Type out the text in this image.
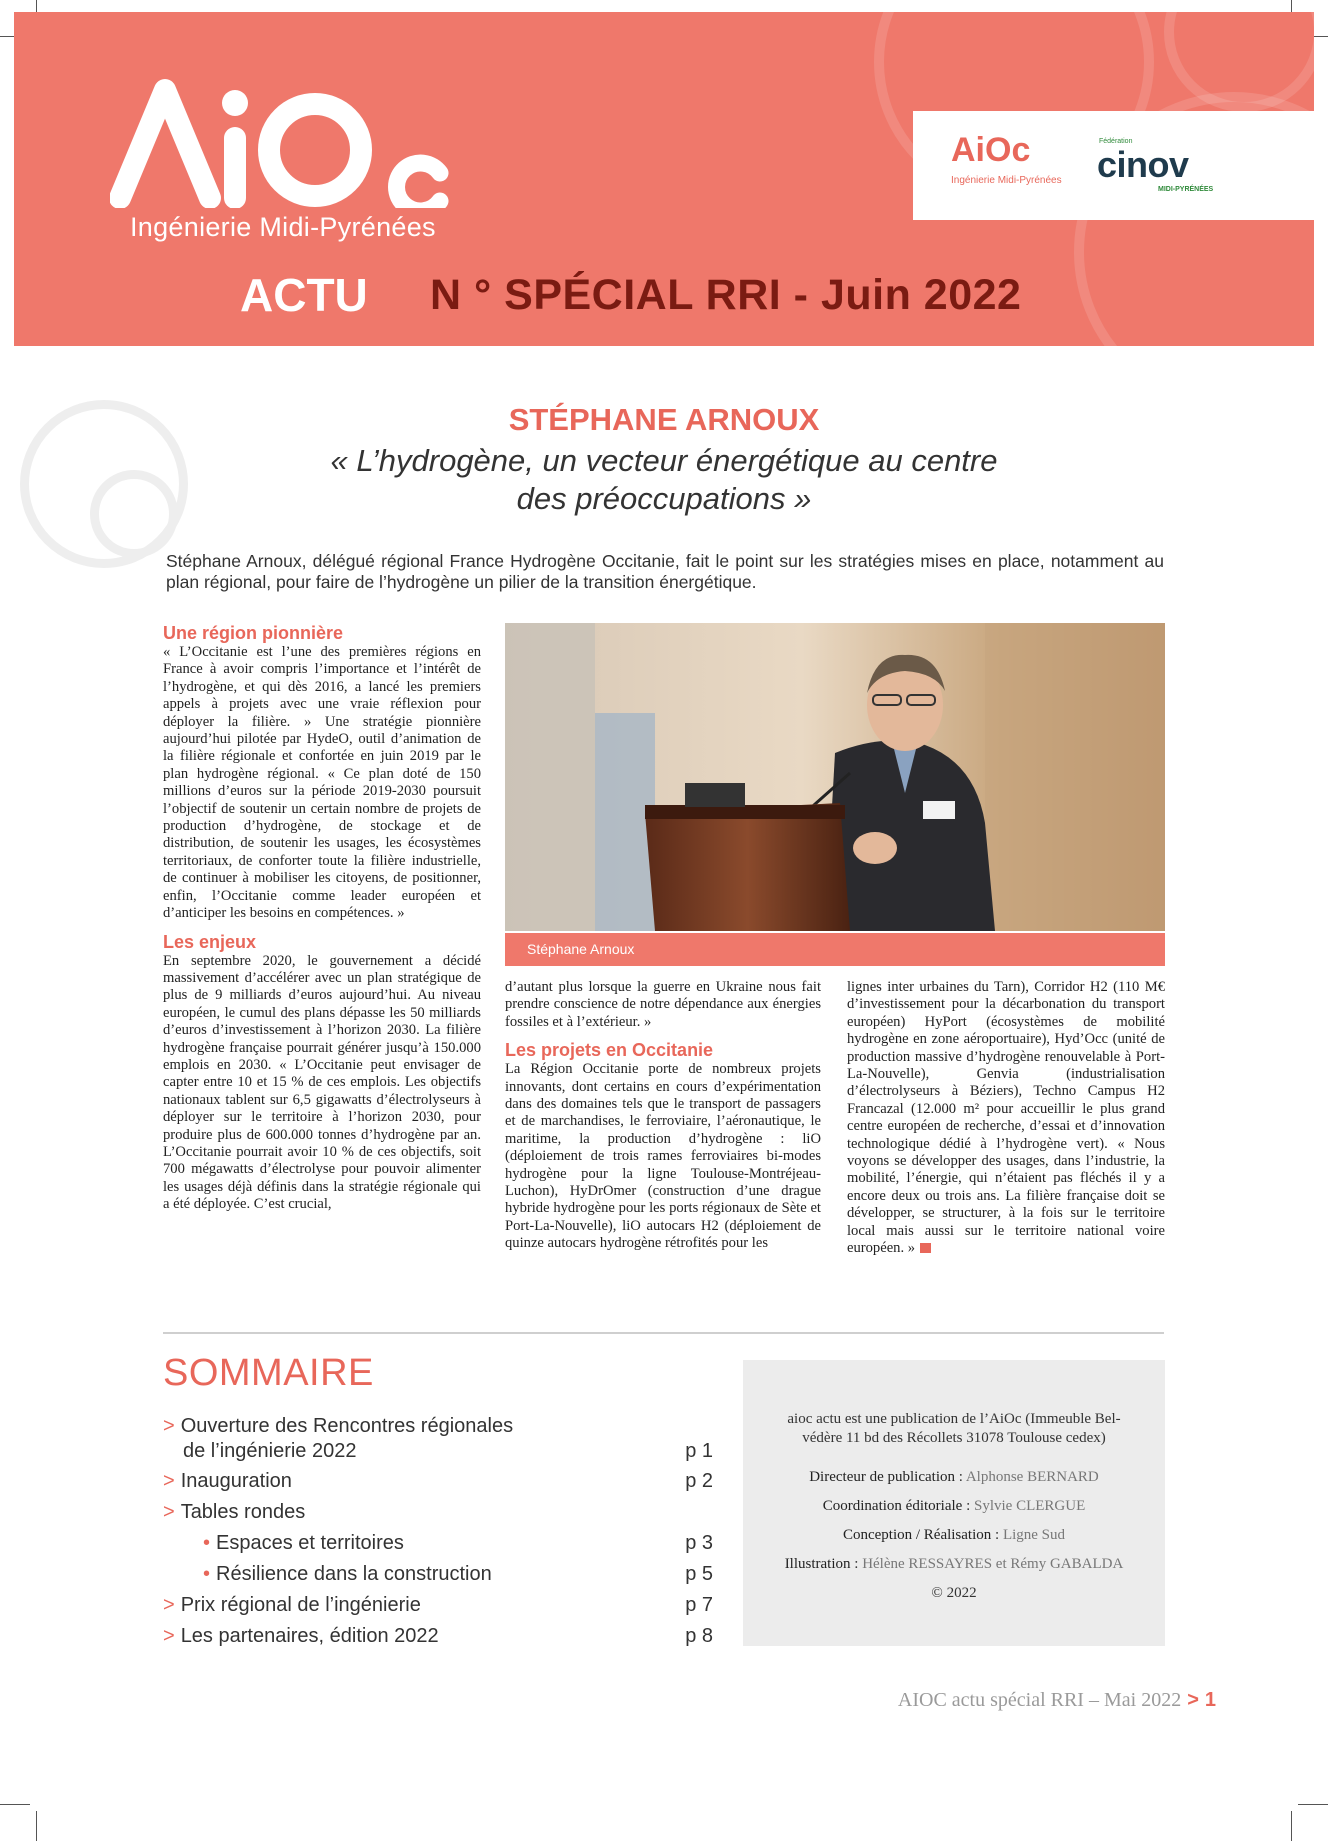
AiOc
Ingénierie Midi-Pyrénées
AiOc
Ingénierie Midi-Pyrénées
Fédération
cinov
MIDI-PYRÉNÉES
ACTU N ° SPÉCIAL RRI - Juin 2022
STÉPHANE ARNOUX
« L’hydrogène, un vecteur énergétique au centre
des préoccupations »
Stéphane Arnoux, délégué régional France Hydrogène Occitanie, fait le point sur les stratégies mises en place, notamment au plan régional, pour faire de l’hydrogène un pilier de la transition énergétique.
Une région pionnière

« L’Occitanie est l’une des premières régions en France à avoir compris l’importance et l’intérêt de l’hydrogène, et qui dès 2016, a lancé les premiers appels à projets avec une vraie réflexion pour déployer la filière. » Une stratégie pionnière aujourd’hui pilotée par HydeO, outil d’animation de la filière régionale et confortée en juin 2019 par le plan hydrogène régional. « Ce plan doté de 150 millions d’euros sur la période 2019-2030 poursuit l’objectif de soutenir un certain nombre de projets de production d’hydrogène, de stockage et de distribution, de soutenir les usages, les écosystèmes territoriaux, de conforter toute la filière industrielle, de continuer à mobiliser les citoyens, de positionner, enfin, l’Occitanie comme leader européen et d’anticiper les besoins en compétences. »

Les enjeux

En septembre 2020, le gouvernement a décidé massivement d’accélérer avec un plan stratégique de plus de 9 milliards d’euros aujourd’hui. Au niveau européen, le cumul des plans dépasse les 50 milliards d’euros d’investissement à l’horizon 2030. La filière hydrogène française pourrait générer jusqu’à 150.000 emplois en 2030. « L’Occitanie peut envisager de capter entre 10 et 15 % de ces emplois. Les objectifs nationaux tablent sur 6,5 gigawatts d’électrolyseurs à déployer sur le territoire à l’horizon 2030, pour produire plus de 600.000 tonnes d’hydrogène par an. L’Occitanie pourrait avoir 10 % de ces objectifs, soit 700 mégawatts d’électrolyse pour pouvoir alimenter les usages déjà définis dans la stratégie régionale qui a été déployée. C’est crucial,

Stéphane Arnoux

d’autant plus lorsque la guerre en Ukraine nous fait prendre conscience de notre dépendance aux énergies fossiles et à l’extérieur. »

Les projets en Occitanie

La Région Occitanie porte de nombreux projets innovants, dont certains en cours d’expérimentation dans des domaines tels que le transport de passagers et de marchandises, le ferroviaire, l’aéronautique, le maritime, la production d’hydrogène : liO (déploiement de trois rames ferroviaires bi-modes hydrogène pour la ligne Toulouse-Montréjeau-Luchon), HyDrOmer (construction d’une drague hybride hydrogène pour les ports régionaux de Sète et Port-La-Nouvelle), liO autocars H2 (déploiement de quinze autocars hydrogène rétrofités pour les

lignes inter urbaines du Tarn), Corridor H2 (110 M€ d’investissement pour la décarbonation du transport européen) HyPort (écosystèmes de mobilité hydrogène en zone aéroportuaire), Hyd’Occ (unité de production massive d’hydrogène renouvelable à Port-La-Nouvelle), Genvia (industrialisation d’électrolyseurs à Béziers), Techno Campus H2 Francazal (12.000 m² pour accueillir le plus grand centre européen de recherche, d’essai et d’innovation technologique dédié à l’hydrogène vert). « Nous voyons se développer des usages, dans l’industrie, la mobilité, l’énergie, qui n’étaient pas fléchés il y a encore deux ou trois ans. La filière française doit se développer, se structurer, à la fois sur le territoire local mais aussi sur le territoire national voire européen. »

SOMMAIRE
> Ouverture des Rencontres régionales
de l’ingénierie 2022	p 1
> Inauguration	p 2
> Tables rondes
• Espaces et territoires	p 3
• Résilience dans la construction	p 5
> Prix régional de l’ingénierie	p 7
> Les partenaires, édition 2022	p 8
aioc actu est une publication de l’AiOc (Immeuble Bel-
védère 11 bd des Récollets 31078 Toulouse cedex)
Directeur de publication : Alphonse BERNARD
Coordination éditoriale : Sylvie CLERGUE
Conception / Réalisation : Ligne Sud
Illustration : Hélène RESSAYRES et Rémy GABALDA
© 2022
AIOC actu spécial RRI – Mai 2022 > 1
